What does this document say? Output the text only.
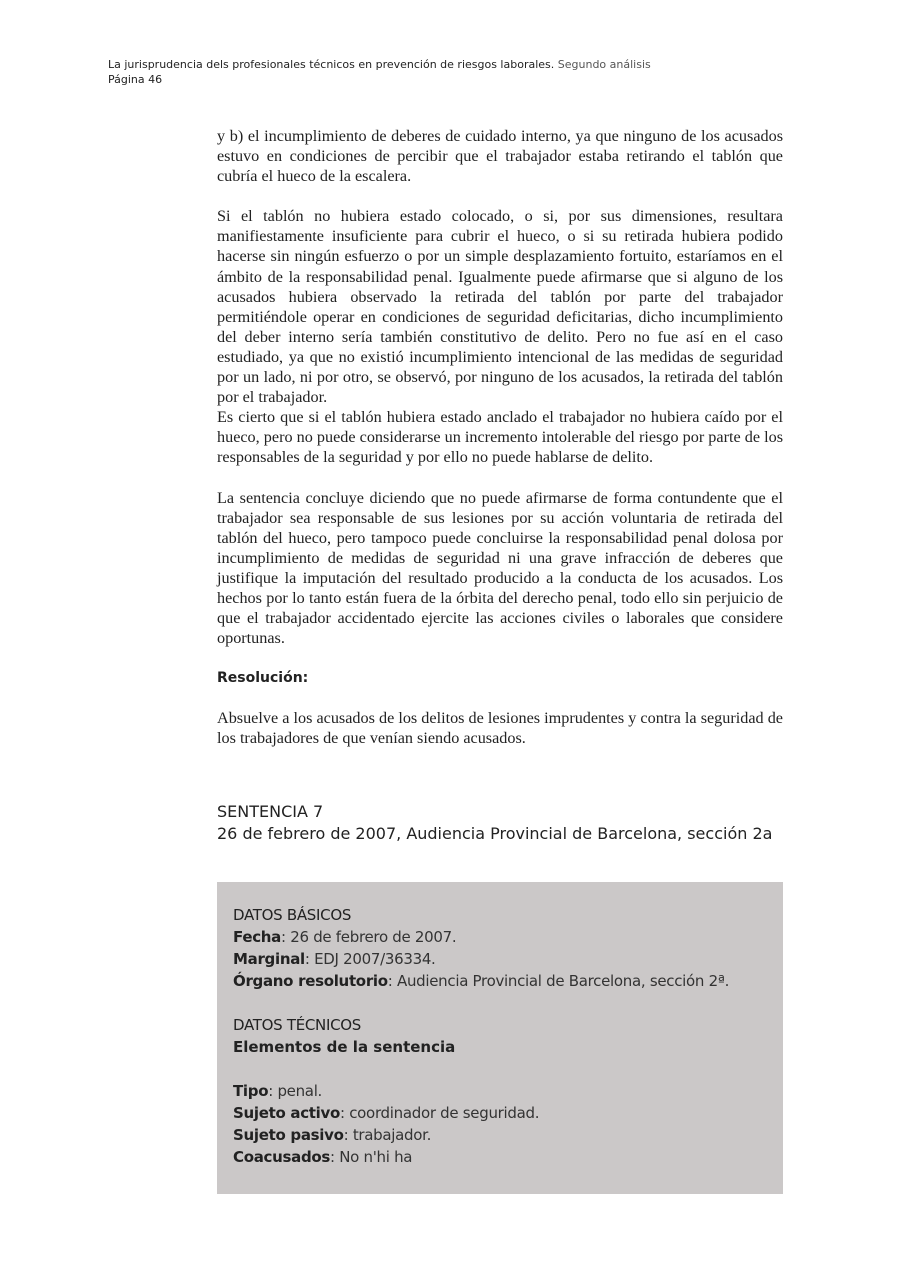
La jurisprudencia dels profesionales técnicos en prevención de riesgos laborales. Segundo análisis
Página 46

y b) el incumplimiento de deberes de cuidado interno, ya que ninguno de los acusados estuvo en condiciones de percibir que el trabajador estaba retirando el tablón que cubría el hueco de la escalera.

Si el tablón no hubiera estado colocado, o si, por sus dimensiones, resultara manifiestamente insuficiente para cubrir el hueco, o si su retirada hubiera podido hacerse sin ningún esfuerzo o por un simple desplazamiento fortuito, estaríamos en el ámbito de la responsabilidad penal. Igualmente puede afirmarse que si alguno de los acusados hubiera observado la retirada del tablón por parte del trabajador permitiéndole operar en condiciones de seguridad deficitarias, dicho incumplimiento del deber interno sería también constitutivo de delito. Pero no fue así en el caso estudiado, ya que no existió incumplimiento intencional de las medidas de seguridad por un lado, ni por otro, se observó, por ninguno de los acusados, la retirada del tablón por el trabajador.

Es cierto que si el tablón hubiera estado anclado el trabajador no hubiera caído por el hueco, pero no puede considerarse un incremento intolerable del riesgo por parte de los responsables de la seguridad y por ello no puede hablarse de delito.

La sentencia concluye diciendo que no puede afirmarse de forma contundente que el trabajador sea responsable de sus lesiones por su acción voluntaria de retirada del tablón del hueco, pero tampoco puede concluirse la responsabilidad penal dolosa por incumplimiento de medidas de seguridad ni una grave infracción de deberes que justifique la imputación del resultado producido a la conducta de los acusados. Los hechos por lo tanto están fuera de la órbita del derecho penal, todo ello sin perjuicio de que el trabajador accidentado ejercite las acciones civiles o laborales que considere oportunas.

Resolución:

Absuelve a los acusados de los delitos de lesiones imprudentes y contra la seguridad de los trabajadores de que venían siendo acusados.

SENTENCIA 7
26 de febrero de 2007, Audiencia Provincial de Barcelona, sección 2a
DATOS BÁSICOS
Fecha: 26 de febrero de 2007.
Marginal: EDJ 2007/36334.
Órgano resolutorio: Audiencia Provincial de Barcelona, sección 2ª.
DATOS TÉCNICOS
Elementos de la sentencia
Tipo: penal.
Sujeto activo: coordinador de seguridad.
Sujeto pasivo: trabajador.
Coacusados: No n'hi ha
